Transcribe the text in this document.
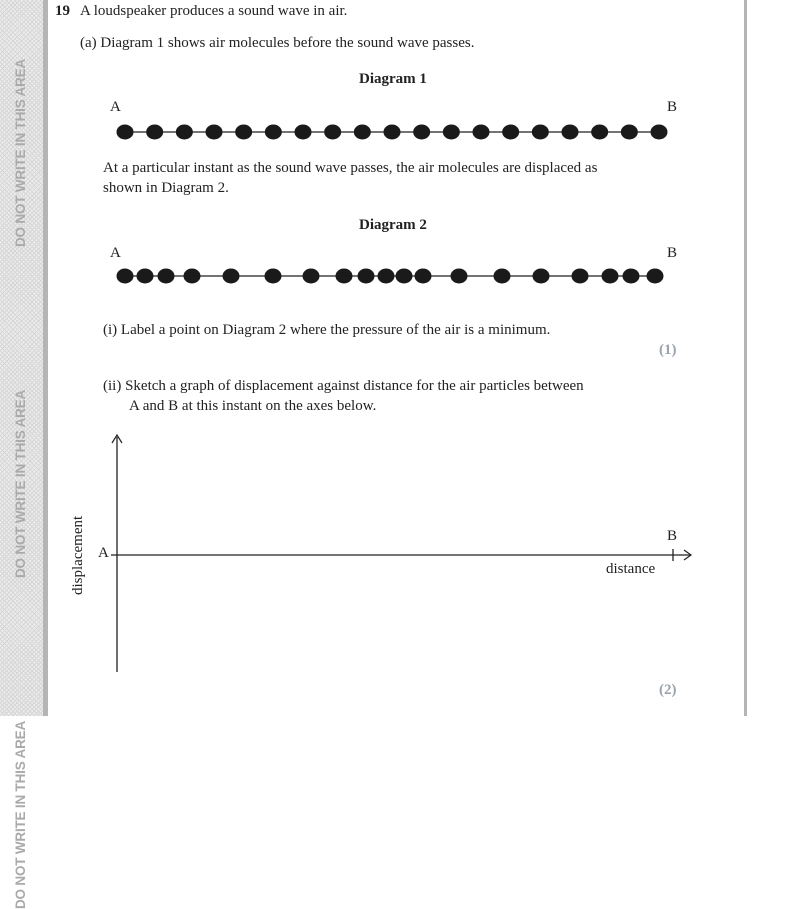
DO NOT WRITE IN THIS AREA
DO NOT WRITE IN THIS AREA
DO NOT WRITE IN THIS AREA
19 A loudspeaker produces a sound wave in air.
(a) Diagram 1 shows air molecules before the sound wave passes.
Diagram 1
A	B
At a particular instant as the sound wave passes, the air molecules are displaced as
shown in Diagram 2.
Diagram 2
A	B
(i) Label a point on Diagram 2 where the pressure of the air is a minimum.
(1)
(ii) Sketch a graph of displacement against distance for the air particles between
A and B at this instant on the axes below.
A
B
distance
displacement
(2)
